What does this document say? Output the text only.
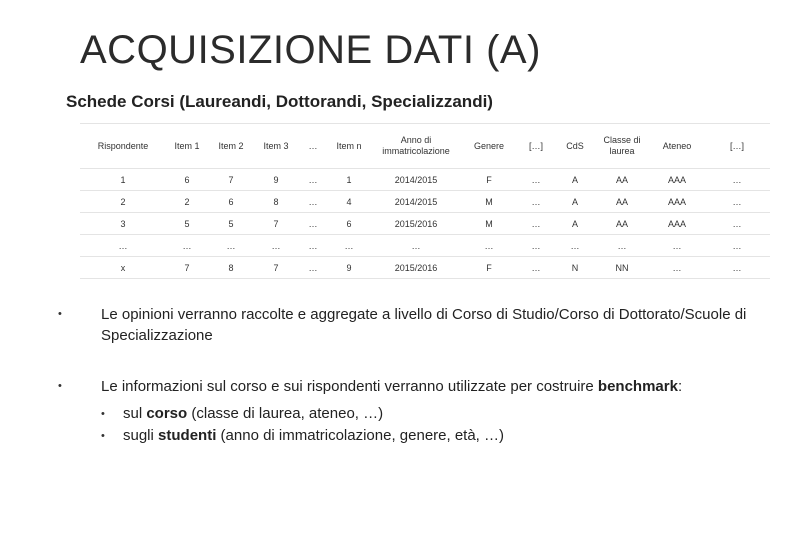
ACQUISIZIONE DATI (A)
Schede Corsi (Laureandi, Dottorandi, Specializzandi)
Rispondente	Item 1	Item 2	Item 3	…	Item n	Anno di immatricolazione	Genere	[…]	CdS	Classe di laurea	Ateneo	[…]
1	6	7	9	…	1	2014/2015	F	…	A	AA	AAA	…
2	2	6	8	…	4	2014/2015	M	…	A	AA	AAA	…
3	5	5	7	…	6	2015/2016	M	…	A	AA	AAA	…
…	…	…	…	…	…	…	…	…	…	…	…	…
x	7	8	7	…	9	2015/2016	F	…	N	NN	…	…
•	Le opinioni verranno raccolte e aggregate a livello di Corso di Studio/Corso di Dottorato/Scuole di Specializzazione
•	Le informazioni sul corso e sui rispondenti verranno utilizzate per costruire benchmark:
• sul corso (classe di laurea, ateneo, …)
• sugli studenti (anno di immatricolazione, genere, età, …)
